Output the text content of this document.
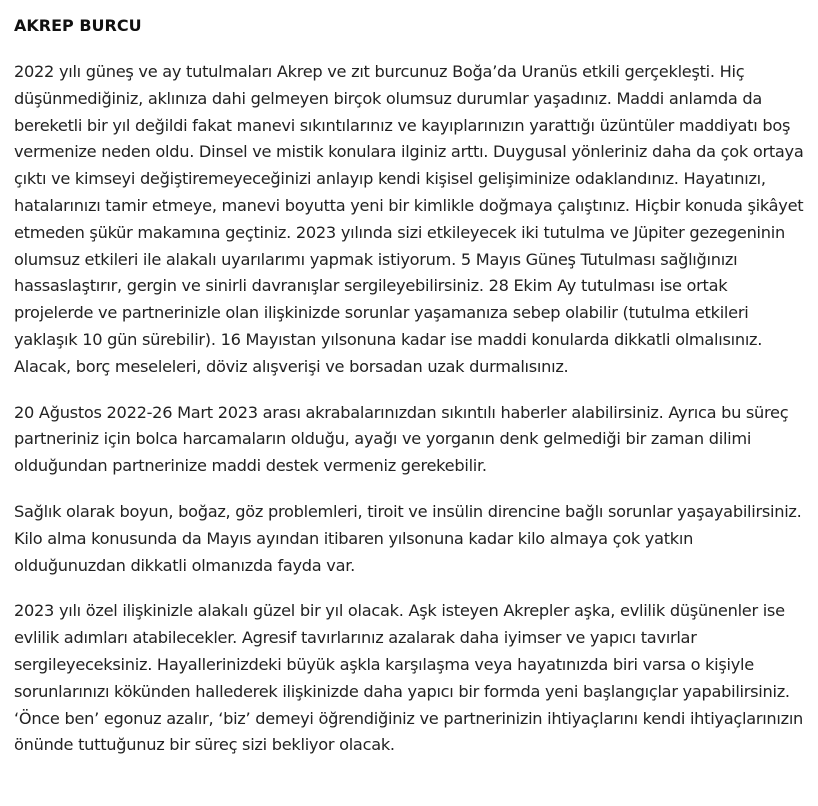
AKREP BURCU

2022 yılı güneş ve ay tutulmaları Akrep ve zıt burcunuz Boğa’da Uranüs etkili gerçekleşti. Hiç düşünmediğiniz, aklınıza dahi gelmeyen birçok olumsuz durumlar yaşadınız. Maddi anlamda da bereketli bir yıl değildi fakat manevi sıkıntılarınız ve kayıplarınızın yarattığı üzüntüler maddiyatı boş vermenize neden oldu. Dinsel ve mistik konulara ilginiz arttı. Duygusal yönleriniz daha da çok ortaya çıktı ve kimseyi değiştiremeyeceğinizi anlayıp kendi kişisel gelişiminize odaklandınız. Hayatınızı, hatalarınızı tamir etmeye, manevi boyutta yeni bir kimlikle doğmaya çalıştınız. Hiçbir konuda şikâyet etmeden şükür makamına geçtiniz. 2023 yılında sizi etkileyecek iki tutulma ve Jüpiter gezegeninin olumsuz etkileri ile alakalı uyarılarımı yapmak istiyorum. 5 Mayıs Güneş Tutulması sağlığınızı hassaslaştırır, gergin ve sinirli davranışlar sergileyebilirsiniz. 28 Ekim Ay tutulması ise ortak projelerde ve partnerinizle olan ilişkinizde sorunlar yaşamanıza sebep olabilir (tutulma etkileri yaklaşık 10 gün sürebilir). 16 Mayıstan yılsonuna kadar ise maddi konularda dikkatli olmalısınız. Alacak, borç meseleleri, döviz alışverişi ve borsadan uzak durmalısınız.

20 Ağustos 2022-26 Mart 2023 arası akrabalarınızdan sıkıntılı haberler alabilirsiniz. Ayrıca bu süreç partneriniz için bolca harcamaların olduğu, ayağı ve yorganın denk gelmediği bir zaman dilimi olduğundan partnerinize maddi destek vermeniz gerekebilir.

Sağlık olarak boyun, boğaz, göz problemleri, tiroit ve insülin direncine bağlı sorunlar yaşayabilirsiniz. Kilo alma konusunda da Mayıs ayından itibaren yılsonuna kadar kilo almaya çok yatkın olduğunuzdan dikkatli olmanızda fayda var.

2023 yılı özel ilişkinizle alakalı güzel bir yıl olacak. Aşk isteyen Akrepler aşka, evlilik düşünenler ise evlilik adımları atabilecekler. Agresif tavırlarınız azalarak daha iyimser ve yapıcı tavırlar sergileyeceksiniz. Hayallerinizdeki büyük aşkla karşılaşma veya hayatınızda biri varsa o kişiyle sorunlarınızı kökünden hallederek ilişkinizde daha yapıcı bir formda yeni başlangıçlar yapabilirsiniz. ‘Önce ben’ egonuz azalır, ‘biz’ demeyi öğrendiğiniz ve partnerinizin ihtiyaçlarını kendi ihtiyaçlarınızın önünde tuttuğunuz bir süreç sizi bekliyor olacak.
